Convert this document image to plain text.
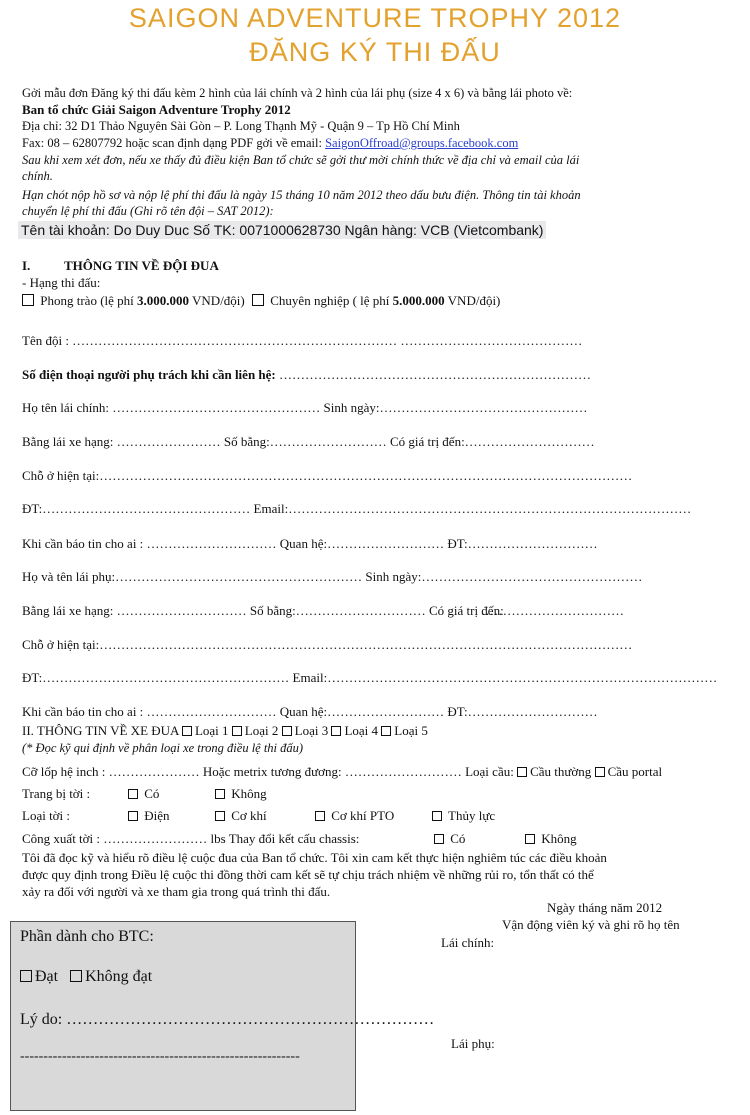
SAIGON ADVENTURE TROPHY 2012
ĐĂNG KÝ THI ĐẤU
Gởi mẫu đơn Đăng ký thi đấu kèm 2 hình của lái chính và 2 hình của lái phụ (size 4 x 6) và bằng lái photo về:
Ban tổ chức Giải Saigon Adventure Trophy 2012
Địa chỉ: 32 D1 Thảo Nguyên Sài Gòn – P. Long Thạnh Mỹ - Quận 9 – Tp Hồ Chí Minh
Fax: 08 – 62807792 hoặc scan định dạng PDF gởi về email: SaigonOffroad@groups.facebook.com
Sau khi xem xét đơn, nếu xe thấy đủ điều kiện Ban tổ chức sẽ gởi thư mời chính thức về địa chỉ và email của lái
chính.
Hạn chót nộp hồ sơ và nộp lệ phí thi đấu là ngày 15 tháng 10 năm 2012 theo dấu bưu điện. Thông tin tài khoản
chuyển lệ phí thi đấu (Ghi rõ tên đội – SAT 2012):
Tên tài khoản: Do Duy Duc Số TK: 0071000628730 Ngân hàng: VCB (Vietcombank)
I.	THÔNG TIN VỀ ĐỘI ĐUA
- Hạng thi đấu:
Phong trào (lệ phí 3.000.000 VND/đội) Chuyên nghiệp ( lệ phí 5.000.000 VND/đội)
Tên đội : ………………………………………………………………… ……………………………………
Số điện thoại người phụ trách khi cần liên hệ: ………………………………………………………………
Họ tên lái chính: ………………………………………… Sinh ngày:…………………………………………
Bằng lái xe hạng: …………………… Số bằng:……………………… Có giá trị đến:…………………………
Chỗ ở hiện tại:……………………………………………………………………………………………………………
ĐT:………………………………………… Email:…………………………………………………………………………………
Khi cần báo tin cho ai : ………………………… Quan hệ:……………………… ĐT:…………………………
Họ và tên lái phụ:………………………………………………… Sinh ngày:……………………………………………
Bằng lái xe hạng: ………………………… Số bằng:………………………… Có giá trị đến:
……………………………
Chỗ ở hiện tại:……………………………………………………………………………………………………………
ĐT:………………………………………………… Email:………………………………………………………………………………
Khi cần báo tin cho ai : ………………………… Quan hệ:……………………… ĐT:…………………………
II. THÔNG TIN VỀ XE ĐUA Loại 1 Loại 2 Loại 3 Loại 4 Loại 5
(* Đọc kỹ qui định về phân loại xe trong điều lệ thi đấu)
Cỡ lốp hệ inch : ………………… Hoặc metrix tương đương: ……………………… Loại cầu: Cầu thường Cầu portal
Trang bị tời :	Có	Không
Loại tời :	Điện	Cơ khí	Cơ khí PTO	Thủy lực
Công xuất tời : …………………… lbs Thay đổi kết cấu chassis:	Có	Không
Tôi đã đọc kỹ và hiểu rõ điều lệ cuộc đua của Ban tổ chức. Tôi xin cam kết thực hiện nghiêm túc các điều khoản
được quy định trong Điều lệ cuộc thi đồng thời cam kết sẽ tự chịu trách nhiệm về những rủi ro, tổn thất có thể
xảy ra đối với người và xe tham gia trong quá trình thi đấu.
Ngày tháng năm 2012
Vận động viên ký và ghi rõ họ tên
Lái chính:
Lái phụ:
Phần dành cho BTC:
Đạt Không đạt
Lý do: ……………………………………………………………
------------------------------------------------------------
